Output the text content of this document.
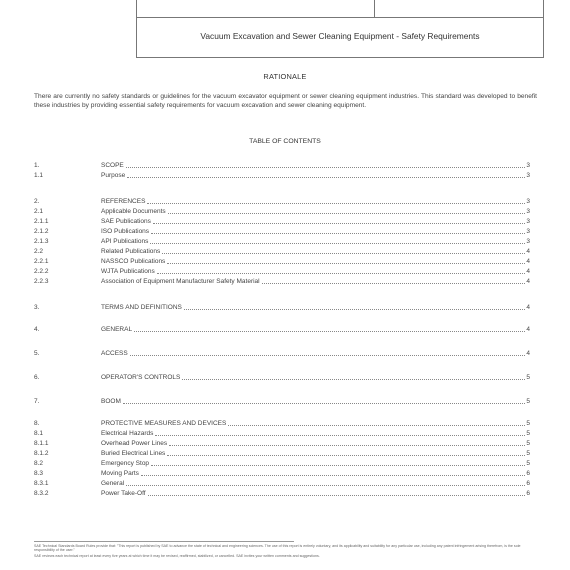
Vacuum Excavation and Sewer Cleaning Equipment - Safety Requirements
RATIONALE

There are currently no safety standards or guidelines for the vacuum excavator equipment or sewer cleaning equipment industries. This standard was developed to benefit these industries by providing essential safety requirements for vacuum excavation and sewer cleaning equipment.

TABLE OF CONTENTS
1.	SCOPE	3
1.1	Purpose	3
2.	REFERENCES	3
2.1	Applicable Documents	3
2.1.1	SAE Publications	3
2.1.2	ISO Publications	3
2.1.3	API Publications	3
2.2	Related Publications	4
2.2.1	NASSCO Publications	4
2.2.2	WJTA Publications	4
2.2.3	Association of Equipment Manufacturer Safety Material	4
3.	TERMS AND DEFINITIONS	4
4.	GENERAL	4
5.	ACCESS	4
6.	OPERATOR'S CONTROLS	5
7.	BOOM	5
8.	PROTECTIVE MEASURES AND DEVICES	5
8.1	Electrical Hazards	5
8.1.1	Overhead Power Lines	5
8.1.2	Buried Electrical Lines	5
8.2	Emergency Stop	5
8.3	Moving Parts	6
8.3.1	General	6
8.3.2	Power Take-Off	6

SAE Technical Standards Board Rules provide that: "This report is published by SAE to advance the state of technical and engineering sciences. The use of this report is entirely voluntary, and its applicability and suitability for any particular use, including any patent infringement arising therefrom, is the sole responsibility of the user."

SAE reviews each technical report at least every five years at which time it may be revised, reaffirmed, stabilized, or cancelled. SAE invites your written comments and suggestions.
